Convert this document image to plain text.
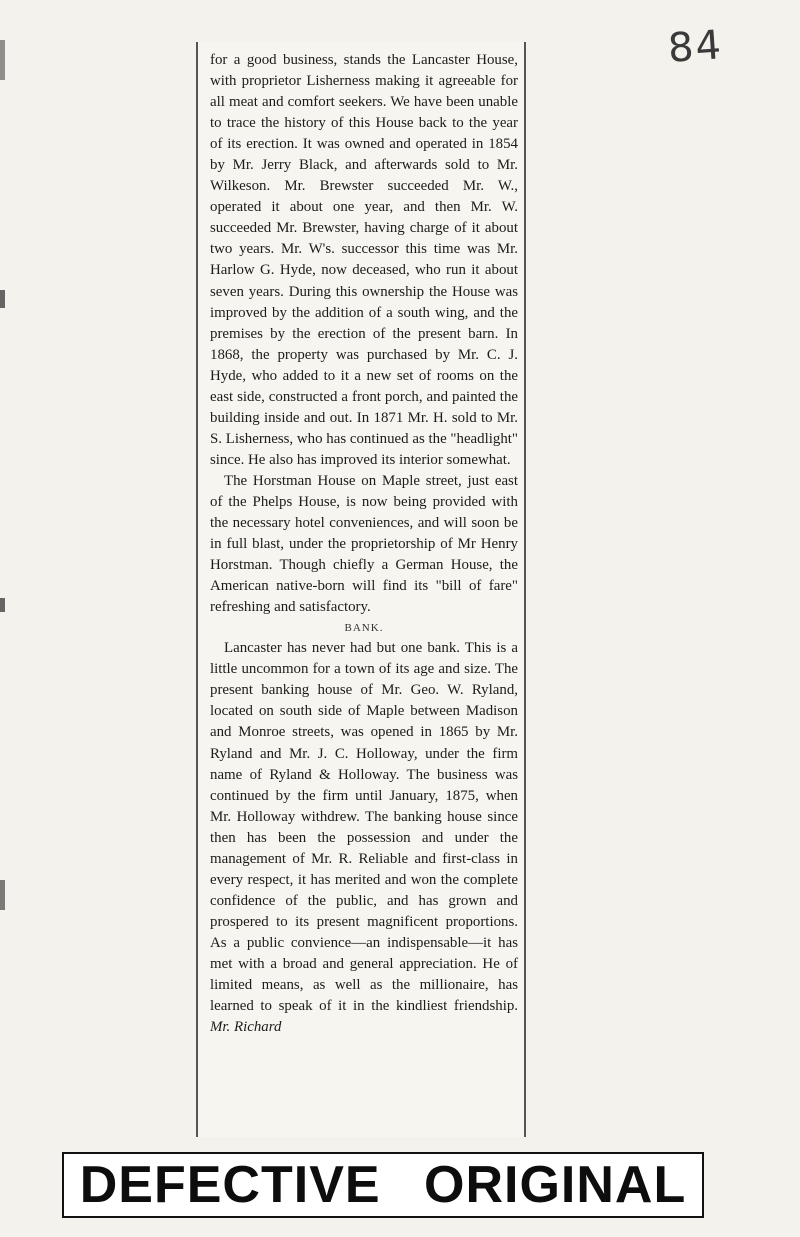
84

for a good business, stands the Lancaster House, with proprietor Lisherness making it agreeable for all meat and comfort seekers. We have been unable to trace the history of this House back to the year of its erection. It was owned and operated in 1854 by Mr. Jerry Black, and afterwards sold to Mr. Wilkeson. Mr. Brewster succeeded Mr. W., operated it about one year, and then Mr. W. succeeded Mr. Brewster, having charge of it about two years. Mr. W's. successor this time was Mr. Harlow G. Hyde, now deceased, who run it about seven years. During this ownership the House was improved by the addition of a south wing, and the premises by the erection of the present barn. In 1868, the property was purchased by Mr. C. J. Hyde, who added to it a new set of rooms on the east side, constructed a front porch, and painted the building inside and out. In 1871 Mr. H. sold to Mr. S. Lisherness, who has continued as the "headlight" since. He also has improved its interior somewhat.

The Horstman House on Maple street, just east of the Phelps House, is now being provided with the necessary hotel conveniences, and will soon be in full blast, under the proprietorship of Mr Henry Horstman. Though chiefly a German House, the American native-born will find its "bill of fare" refreshing and satisfactory.

BANK.

Lancaster has never had but one bank. This is a little uncommon for a town of its age and size. The present banking house of Mr. Geo. W. Ryland, located on south side of Maple between Madison and Monroe streets, was opened in 1865 by Mr. Ryland and Mr. J. C. Holloway, under the firm name of Ryland & Holloway. The business was continued by the firm until January, 1875, when Mr. Holloway withdrew. The banking house since then has been the possession and under the management of Mr. R. Reliable and first-class in every respect, it has merited and won the complete confidence of the public, and has grown and prospered to its present magnificent proportions. As a public convience—an indispensable—it has met with a broad and general appreciation. He of limited means, as well as the millionaire, has learned to speak of it in the kindliest friendship. Mr. Richard

DEFECTIVE ORIGINAL
